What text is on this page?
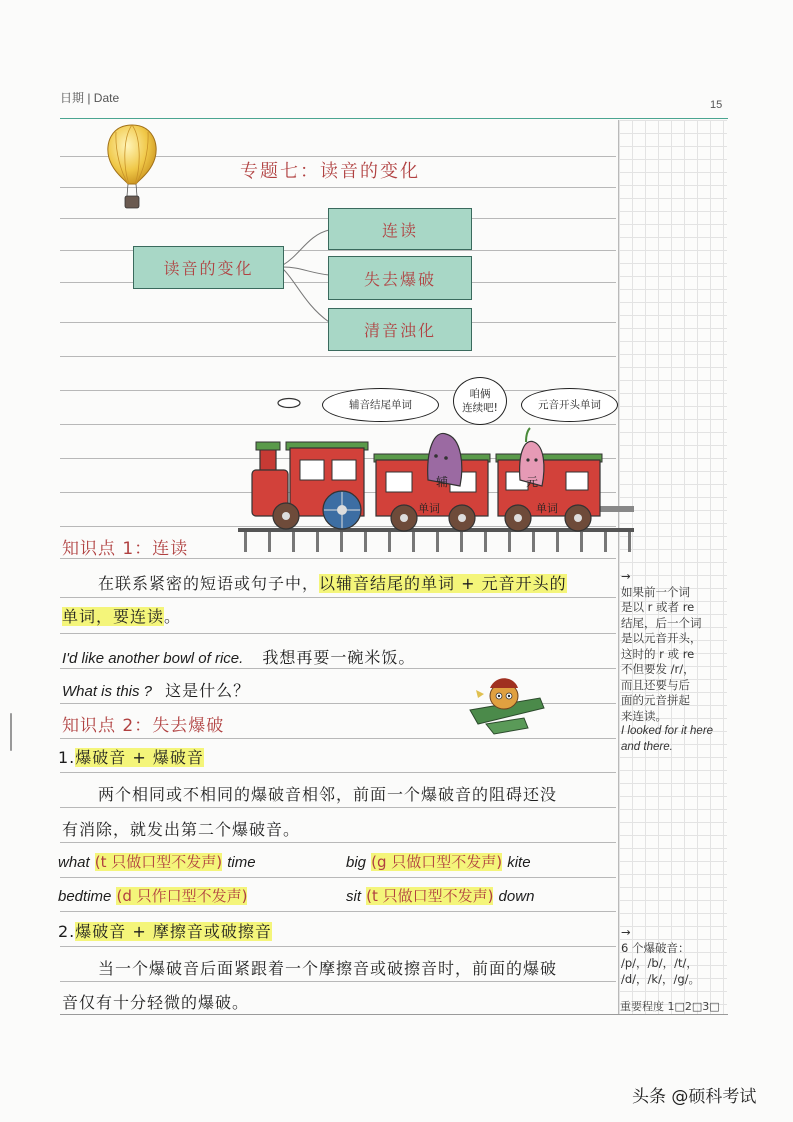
日期 | Date	15
专题七：读音的变化
读音的变化
连读
失去爆破
清音浊化
辅音结尾单词
咱俩
连续吧!	元音开头单词
辅
单词
元
单词
知识点 1：连读
在联系紧密的短语或句子中，以辅音结尾的单词 + 元音开头的
单词，要连读。
I'd like another bowl of rice. 我想再要一碗米饭。
What is this ? 这是什么？
知识点 2：失去爆破
1.爆破音 + 爆破音
两个相同或不相同的爆破音相邻，前面一个爆破音的阻碍还没
有消除，就发出第二个爆破音。
what (t 只做口型不发声) time	big (g 只做口型不发声) kite
bedtime (d 只作口型不发声)	sit (t 只做口型不发声) down
2.爆破音 + 摩擦音或破擦音
当一个爆破音后面紧跟着一个摩擦音或破擦音时，前面的爆破
音仅有十分轻微的爆破。
→
如果前一个词
是以 r 或者 re
结尾，后一个词
是以元音开头，
这时的 r 或 re
不但要发 /r/，
而且还要与后
面的元音拼起
来连读。
I looked for it here
and there.
→
6 个爆破音：
/p/，/b/，/t/，
/d/，/k/，/g/。
重要程度 1□2□3□
头条 @硕科考试
